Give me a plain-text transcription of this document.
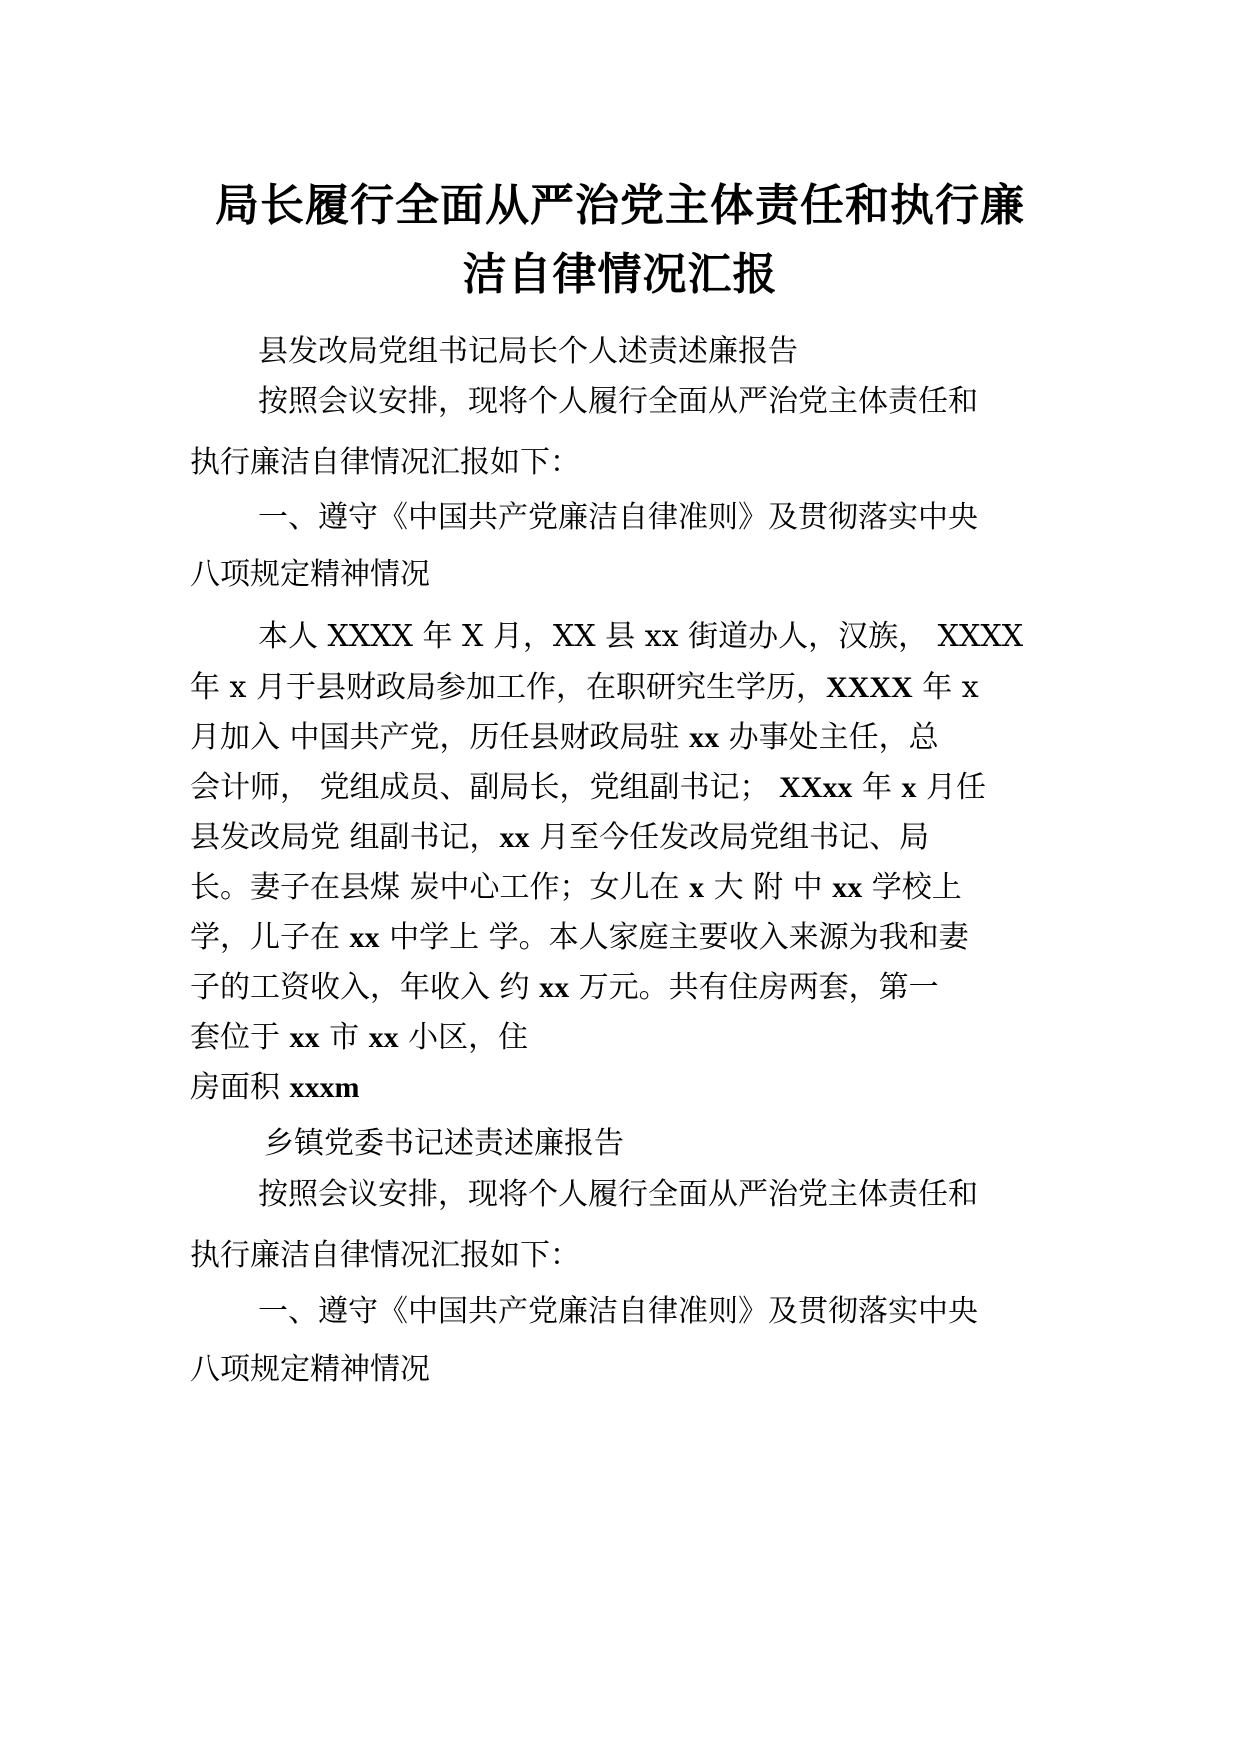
局长履行全面从严治党主体责任和执行廉
洁自律情况汇报

县发改局党组书记局长个人述责述廉报告

按照会议安排，现将个人履行全面从严治党主体责任和

执行廉洁自律情况汇报如下：

一、遵守《中国共产党廉洁自律准则》及贯彻落实中央

八项规定精神情况

本人 XXXX 年 X 月，XX 县 xx 街道办人，汉族， XXXX

年 x 月于县财政局参加工作，在职研究生学历，XXXX 年 x

月加入 中国共产党，历任县财政局驻 xx 办事处主任，总

会计师， 党组成员、副局长，党组副书记； XXxx 年 x 月任

县发改局党 组副书记，xx 月至今任发改局党组书记、局

长。妻子在县煤 炭中心工作；女儿在 x 大 附 中 xx 学校上

学，儿子在 xx 中学上 学。本人家庭主要收入来源为我和妻

子的工资收入，年收入 约 xx 万元。共有住房两套，第一

套位于 xx 市 xx 小区，住

房面积 xxxm

乡镇党委书记述责述廉报告

按照会议安排，现将个人履行全面从严治党主体责任和

执行廉洁自律情况汇报如下：

一、遵守《中国共产党廉洁自律准则》及贯彻落实中央

八项规定精神情况
